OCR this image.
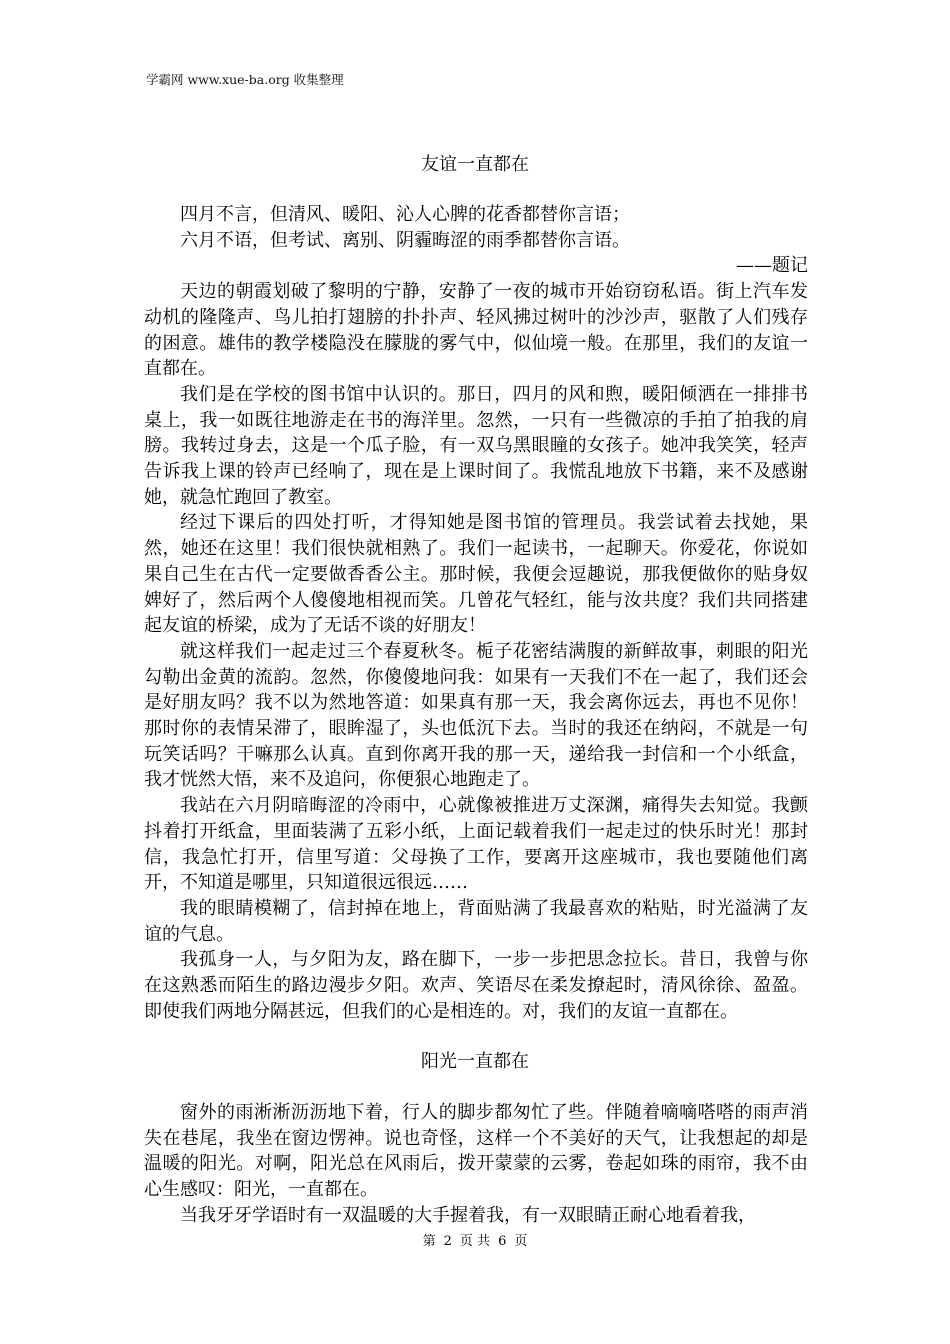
学霸网 www.xue-ba.org 收集整理
友谊一直都在
四月不言，但清风、暖阳、沁人心脾的花香都替你言语；
六月不语，但考试、离别、阴霾晦涩的雨季都替你言语。
——题记

天边的朝霞划破了黎明的宁静，安静了一夜的城市开始窃窃私语。街上汽车发动机的隆隆声、鸟儿拍打翅膀的扑扑声、轻风拂过树叶的沙沙声，驱散了人们残存的困意。雄伟的教学楼隐没在朦胧的雾气中，似仙境一般。在那里，我们的友谊一直都在。

我们是在学校的图书馆中认识的。那日，四月的风和煦，暖阳倾洒在一排排书桌上，我一如既往地游走在书的海洋里。忽然，一只有一些微凉的手拍了拍我的肩膀。我转过身去，这是一个瓜子脸，有一双乌黑眼瞳的女孩子。她冲我笑笑，轻声告诉我上课的铃声已经响了，现在是上课时间了。我慌乱地放下书籍，来不及感谢她，就急忙跑回了教室。

经过下课后的四处打听，才得知她是图书馆的管理员。我尝试着去找她，果然，她还在这里！我们很快就相熟了。我们一起读书，一起聊天。你爱花，你说如果自己生在古代一定要做香香公主。那时候，我便会逗趣说，那我便做你的贴身奴婢好了，然后两个人傻傻地相视而笑。几曾花气轻红，能与汝共度？我们共同搭建起友谊的桥梁，成为了无话不谈的好朋友！

就这样我们一起走过三个春夏秋冬。栀子花密结满腹的新鲜故事，刺眼的阳光勾勒出金黄的流韵。忽然，你傻傻地问我：如果有一天我们不在一起了，我们还会是好朋友吗？我不以为然地答道：如果真有那一天，我会离你远去，再也不见你！那时你的表情呆滞了，眼眸湿了，头也低沉下去。当时的我还在纳闷，不就是一句玩笑话吗？干嘛那么认真。直到你离开我的那一天，递给我一封信和一个小纸盒，我才恍然大悟，来不及追问，你便狠心地跑走了。

我站在六月阴暗晦涩的冷雨中，心就像被推进万丈深渊，痛得失去知觉。我颤抖着打开纸盒，里面装满了五彩小纸，上面记载着我们一起走过的快乐时光！那封信，我急忙打开，信里写道：父母换了工作，要离开这座城市，我也要随他们离开，不知道是哪里，只知道很远很远……

我的眼睛模糊了，信封掉在地上，背面贴满了我最喜欢的粘贴，时光溢满了友谊的气息。

我孤身一人，与夕阳为友，路在脚下，一步一步把思念拉长。昔日，我曾与你在这熟悉而陌生的路边漫步夕阳。欢声、笑语尽在柔发撩起时，清风徐徐、盈盈。即使我们两地分隔甚远，但我们的心是相连的。对，我们的友谊一直都在。

阳光一直都在

窗外的雨淅淅沥沥地下着，行人的脚步都匆忙了些。伴随着嘀嘀嗒嗒的雨声消失在巷尾，我坐在窗边愣神。说也奇怪，这样一个不美好的天气，让我想起的却是温暖的阳光。对啊，阳光总在风雨后，拨开蒙蒙的云雾，卷起如珠的雨帘，我不由心生感叹：阳光，一直都在。

当我牙牙学语时有一双温暖的大手握着我，有一双眼睛正耐心地看着我，

第 2 页 共 6 页
